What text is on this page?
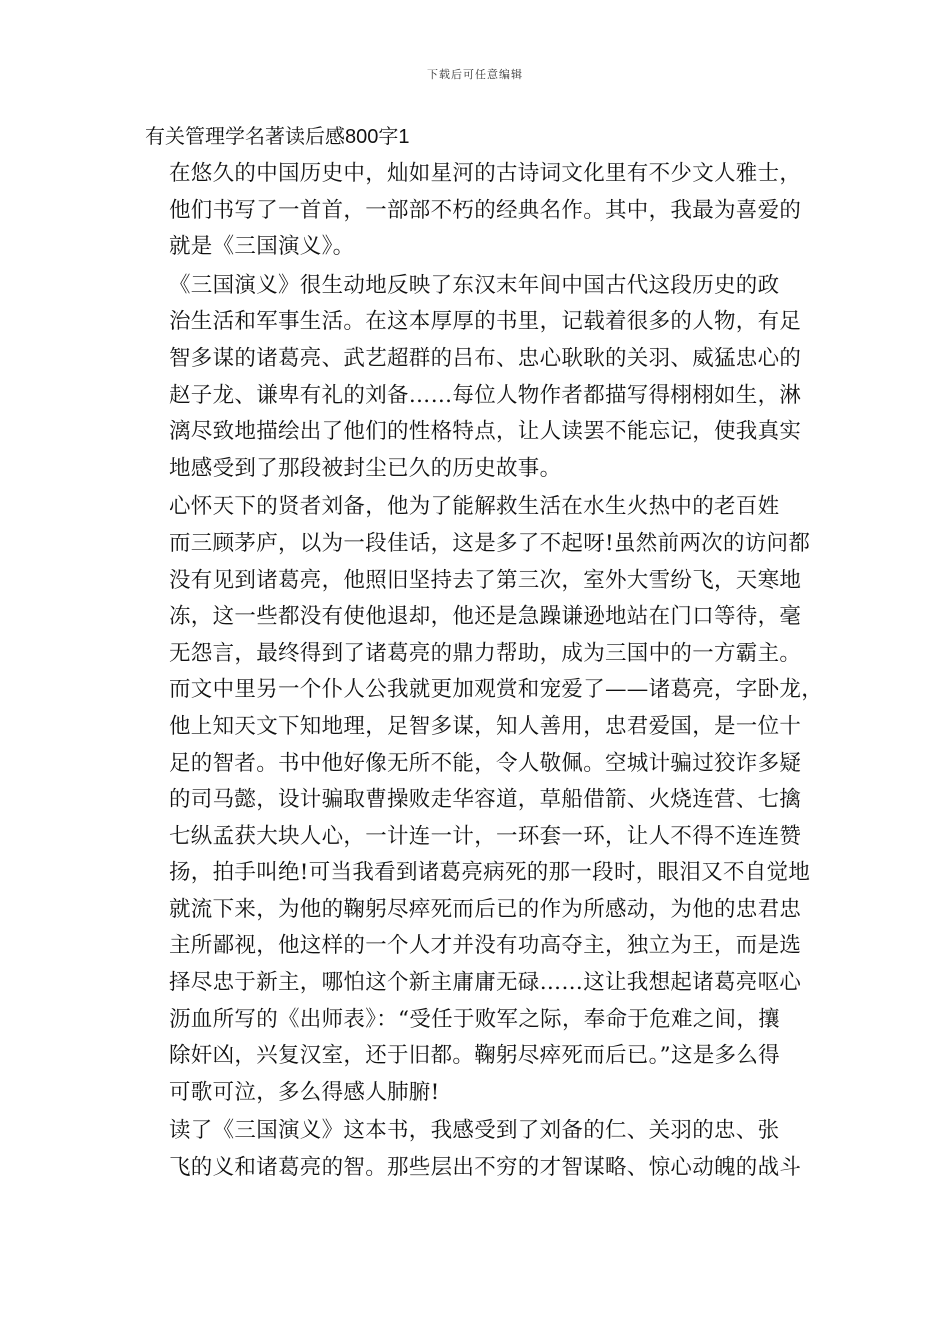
下载后可任意编辑
有关管理学名著读后感800字1

在悠久的中国历史中，灿如星河的古诗词文化里有不少文人雅士，
他们书写了一首首，一部部不朽的经典名作。其中，我最为喜爱的
就是《三国演义》。

《三国演义》很生动地反映了东汉末年间中国古代这段历史的政
治生活和军事生活。在这本厚厚的书里，记载着很多的人物，有足
智多谋的诸葛亮、武艺超群的吕布、忠心耿耿的关羽、威猛忠心的
赵子龙、谦卑有礼的刘备……每位人物作者都描写得栩栩如生，淋
漓尽致地描绘出了他们的性格特点，让人读罢不能忘记，使我真实
地感受到了那段被封尘已久的历史故事。

心怀天下的贤者刘备，他为了能解救生活在水生火热中的老百姓
而三顾茅庐，以为一段佳话，这是多了不起呀!虽然前两次的访问都
没有见到诸葛亮，他照旧坚持去了第三次，室外大雪纷飞，天寒地
冻，这一些都没有使他退却，他还是急躁谦逊地站在门口等待，毫
无怨言，最终得到了诸葛亮的鼎力帮助，成为三国中的一方霸主。
而文中里另一个仆人公我就更加观赏和宠爱了——诸葛亮，字卧龙，
他上知天文下知地理，足智多谋，知人善用，忠君爱国，是一位十
足的智者。书中他好像无所不能，令人敬佩。空城计骗过狡诈多疑
的司马懿，设计骗取曹操败走华容道，草船借箭、火烧连营、七擒
七纵孟获大块人心，一计连一计，一环套一环，让人不得不连连赞
扬，拍手叫绝!可当我看到诸葛亮病死的那一段时，眼泪又不自觉地
就流下来，为他的鞠躬尽瘁死而后已的作为所感动，为他的忠君忠
主所鄙视，他这样的一个人才并没有功高夺主，独立为王，而是选
择尽忠于新主，哪怕这个新主庸庸无碌……这让我想起诸葛亮呕心
沥血所写的《出师表》：“受任于败军之际，奉命于危难之间，攘
除奸凶，兴复汉室，还于旧都。鞠躬尽瘁死而后已。”这是多么得
可歌可泣，多么得感人肺腑!

读了《三国演义》这本书，我感受到了刘备的仁、关羽的忠、张
飞的义和诸葛亮的智。那些层出不穷的才智谋略、惊心动魄的战斗
